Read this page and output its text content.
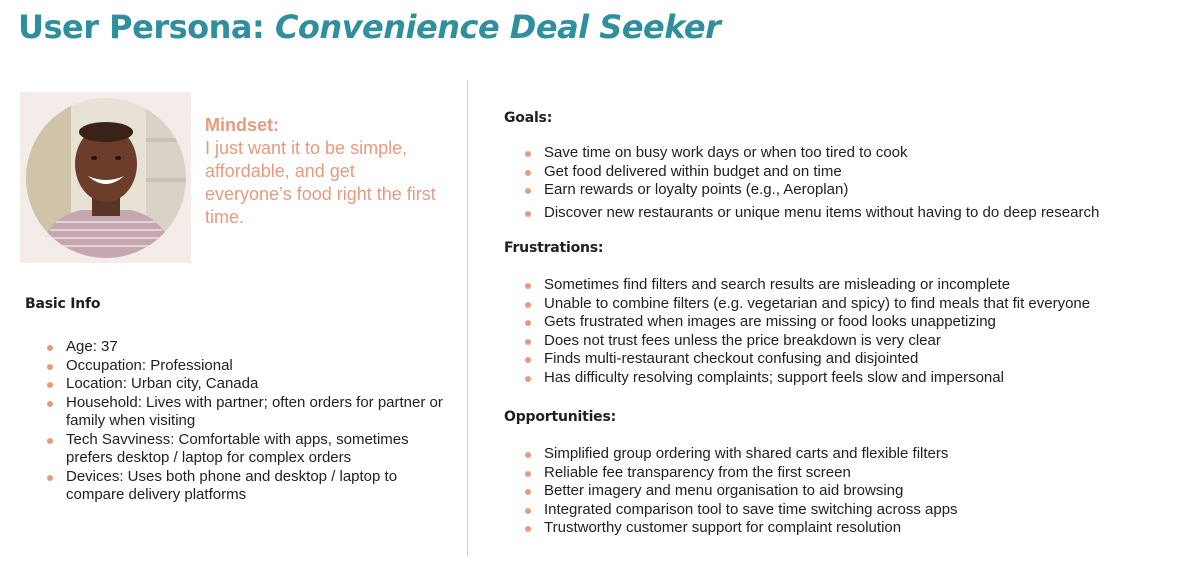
User Persona: Convenience Deal Seeker
Mindset:
I just want it to be simple, affordable, and get everyone’s food right the first time.
Basic Info
Age: 37
Occupation: Professional
Location: Urban city, Canada
Household: Lives with partner; often orders for partner or family when visiting
Tech Savviness: Comfortable with apps, sometimes prefers desktop / laptop for complex orders
Devices: Uses both phone and desktop / laptop to compare delivery platforms
Goals:
Save time on busy work days or when too tired to cook
Get food delivered within budget and on time
Earn rewards or loyalty points (e.g., Aeroplan)
Discover new restaurants or unique menu items without having to do deep research
Frustrations:
Sometimes find filters and search results are misleading or incomplete
Unable to combine filters (e.g. vegetarian and spicy) to find meals that fit everyone
Gets frustrated when images are missing or food looks unappetizing
Does not trust fees unless the price breakdown is very clear
Finds multi-restaurant checkout confusing and disjointed
Has difficulty resolving complaints; support feels slow and impersonal
Opportunities:
Simplified group ordering with shared carts and flexible filters
Reliable fee transparency from the first screen
Better imagery and menu organisation to aid browsing
Integrated comparison tool to save time switching across apps
Trustworthy customer support for complaint resolution
